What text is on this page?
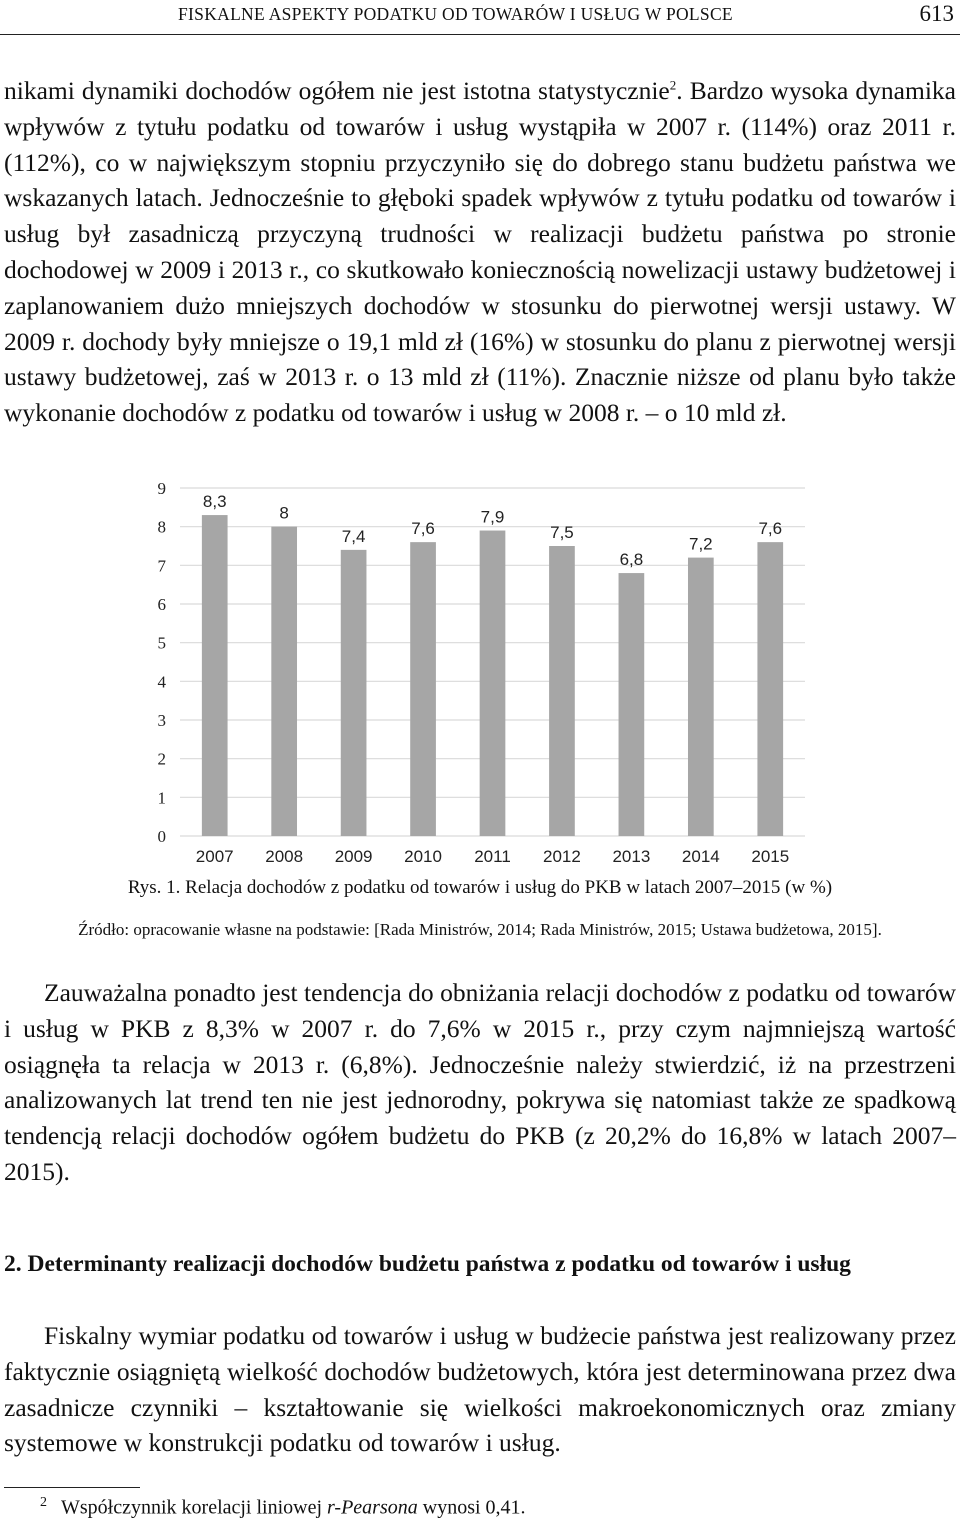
FISKALNE ASPEKTY PODATKU OD TOWARÓW I USŁUG W POLSCE	613

nikami dynamiki dochodów ogółem nie jest istotna statystycznie$^2$. Bardzo wysoka dynamika wpływów z tytułu podatku od towarów i usług wystąpiła w 2007 r. (114%) oraz 2011 r. (112%), co w największym stopniu przyczyniło się do dobrego stanu budżetu państwa we wskazanych latach. Jednocześnie to głęboki spadek wpływów z tytułu podatku od towarów i usług był zasadniczą przyczyną trudności w realizacji budżetu państwa po stronie dochodowej w 2009 i 2013 r., co skutkowało koniecznością nowelizacji ustawy budżetowej i zaplanowaniem dużo mniejszych dochodów w stosunku do pierwotnej wersji ustawy. W 2009 r. dochody były mniejsze o 19,1 mld zł (16%) w stosunku do planu z pierwotnej wersji ustawy budżetowej, zaś w 2013 r. o 13 mld zł (11%). Znacznie niższe od planu było także wykonanie dochodów z podatku od towarów i usług w 2008 r. – o 10 mld zł.

0
1
2
3
4
5
6
7
8
9
8,3
8
7,4	7,6
7,9
7,5
6,8
7,2
7,6
2007 2008 2009 2010 2011 2012 2013 2014 2015

Rys. 1. Relacja dochodów z podatku od towarów i usług do PKB w latach 2007–2015 (w %)

Źródło: opracowanie własne na podstawie: [Rada Ministrów, 2014; Rada Ministrów, 2015; Ustawa budżetowa, 2015].

Zauważalna ponadto jest tendencja do obniżania relacji dochodów z podatku od towarów i usług w PKB z 8,3% w 2007 r. do 7,6% w 2015 r., przy czym najmniejszą wartość osiągnęła ta relacja w 2013 r. (6,8%). Jednocześnie należy stwierdzić, iż na przestrzeni analizowanych lat trend ten nie jest jednorodny, pokrywa się natomiast także ze spadkową tendencją relacji dochodów ogółem budżetu do PKB (z 20,2% do 16,8% w latach 2007–2015).

2. Determinanty realizacji dochodów budżetu państwa z podatku od towarów i usług

Fiskalny wymiar podatku od towarów i usług w budżecie państwa jest realizowany przez faktycznie osiągniętą wielkość dochodów budżetowych, która jest determinowana przez dwa zasadnicze czynniki – kształtowanie się wielkości makroekonomicznych oraz zmiany systemowe w konstrukcji podatku od towarów i usług.

$^2$ Współczynnik korelacji liniowej r-Pearsona wynosi 0,41.
